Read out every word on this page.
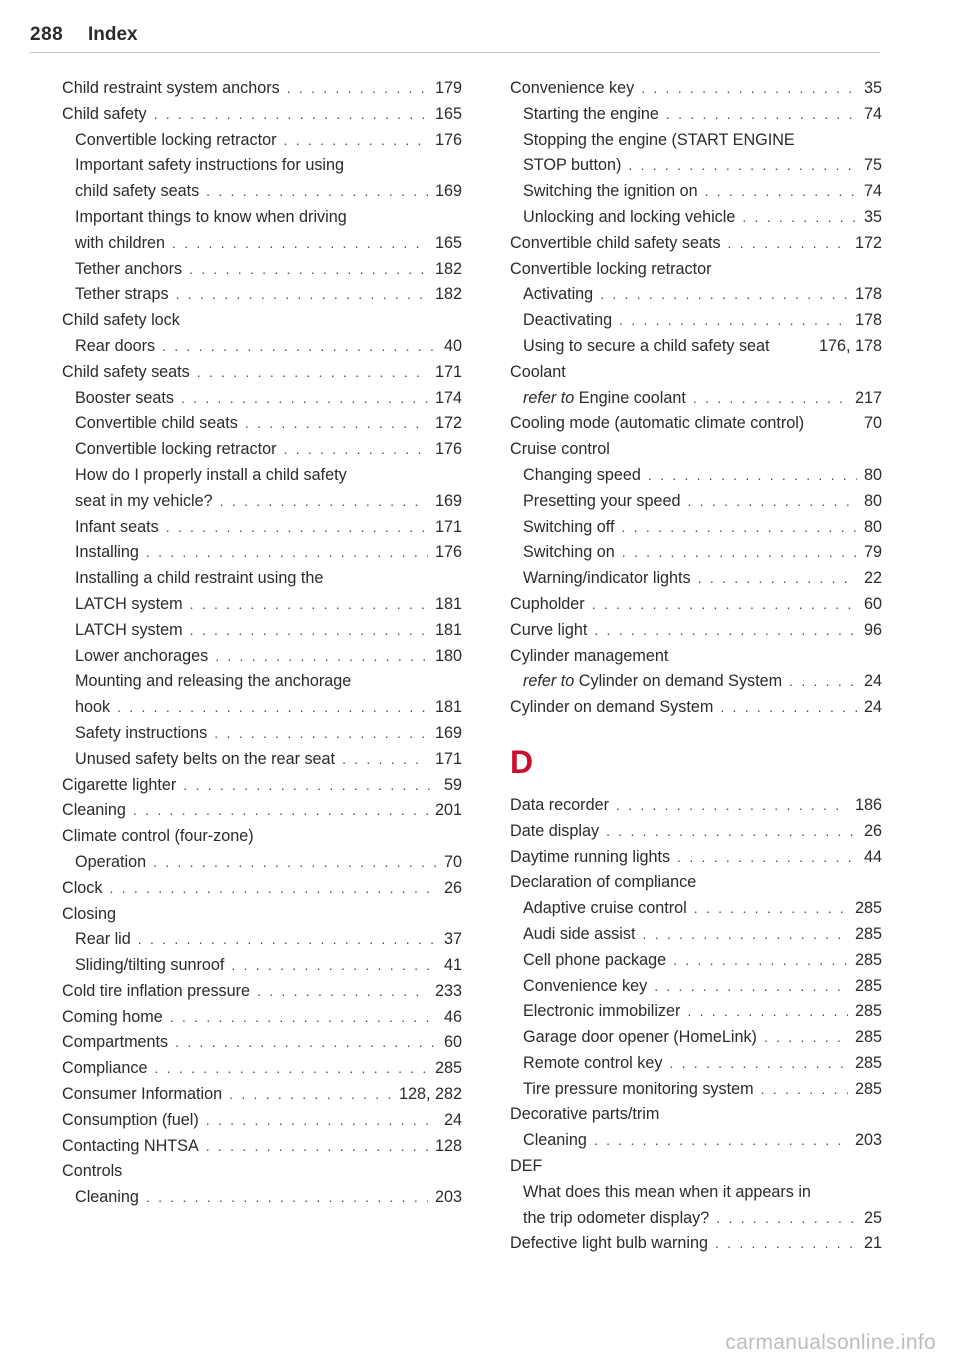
288 Index
Child restraint system anchors . . .	179
Child safety . . .	165
Convertible locking retractor . . .	176
Important safety instructions for using
child safety seats . . .	169
Important things to know when driving
with children . . .	165
Tether anchors . . .	182
Tether straps . . .	182
Child safety lock
Rear doors . . .	40
Child safety seats . . .	171
Booster seats . . .	174
Convertible child seats . . .	172
Convertible locking retractor . . .	176
How do I properly install a child safety
seat in my vehicle? . . .	169
Infant seats . . .	171
Installing . . .	176
Installing a child restraint using the
LATCH system . . .	181
LATCH system . . .	181
Lower anchorages . . .	180
Mounting and releasing the anchorage
hook . . .	181
Safety instructions . . .	169
Unused safety belts on the rear seat . . .	171
Cigarette lighter . . .	59
Cleaning . . .	201
Climate control (four-zone)
Operation . . .	70
Clock . . .	26
Closing
Rear lid . . .	37
Sliding/tilting sunroof . . .	41
Cold tire inflation pressure . . .	233
Coming home . . .	46
Compartments . . .	60
Compliance . . .	285
Consumer Information . . .	128, 282
Consumption (fuel) . . .	24
Contacting NHTSA . . .	128
Controls
Cleaning . . .	203
Convenience key . . .	35
Starting the engine . . .	74
Stopping the engine (START ENGINE
STOP button) . . .	75
Switching the ignition on . . .	74
Unlocking and locking vehicle . . .	35
Convertible child safety seats . . .	172
Convertible locking retractor
Activating . . .	178
Deactivating . . .	178
Using to secure a child safety seat	176, 178
Coolant
refer to Engine coolant . . .	217
Cooling mode (automatic climate control)	70
Cruise control
Changing speed . . .	80
Presetting your speed . . .	80
Switching off . . .	80
Switching on . . .	79
Warning/indicator lights . . .	22
Cupholder . . .	60
Curve light . . .	96
Cylinder management
refer to Cylinder on demand System . . .	24
Cylinder on demand System . . .	24
D
Data recorder . . .	186
Date display . . .	26
Daytime running lights . . .	44
Declaration of compliance
Adaptive cruise control . . .	285
Audi side assist . . .	285
Cell phone package . . .	285
Convenience key . . .	285
Electronic immobilizer . . .	285
Garage door opener (HomeLink) . . .	285
Remote control key . . .	285
Tire pressure monitoring system . . .	285
Decorative parts/trim
Cleaning . . .	203
DEF
What does this mean when it appears in
the trip odometer display? . . .	25
Defective light bulb warning . . .	21
carmanualsonline.info
